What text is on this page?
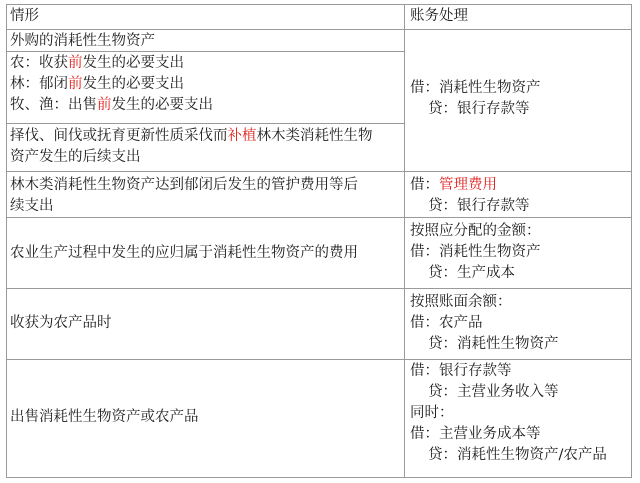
情形	账务处理
外购的消耗性生物资产
农：收获前发生的必要支出
林：郁闭前发生的必要支出
牧、渔：出售前发生的必要支出
择伐、间伐或抚育更新性质采伐而补植林木类消耗性生物
资产发生的后续支出
借：消耗性生物资产
贷：银行存款等
林木类消耗性生物资产达到郁闭后发生的管护费用等后
续支出
借：管理费用
贷：银行存款等
农业生产过程中发生的应归属于消耗性生物资产的费用
按照应分配的金额：
借：消耗性生物资产
贷：生产成本
收获为农产品时
按照账面余额：
借：农产品
贷：消耗性生物资产
出售消耗性生物资产或农产品
借：银行存款等
贷：主营业务收入等
同时：
借：主营业务成本等
贷：消耗性生物资产/农产品
